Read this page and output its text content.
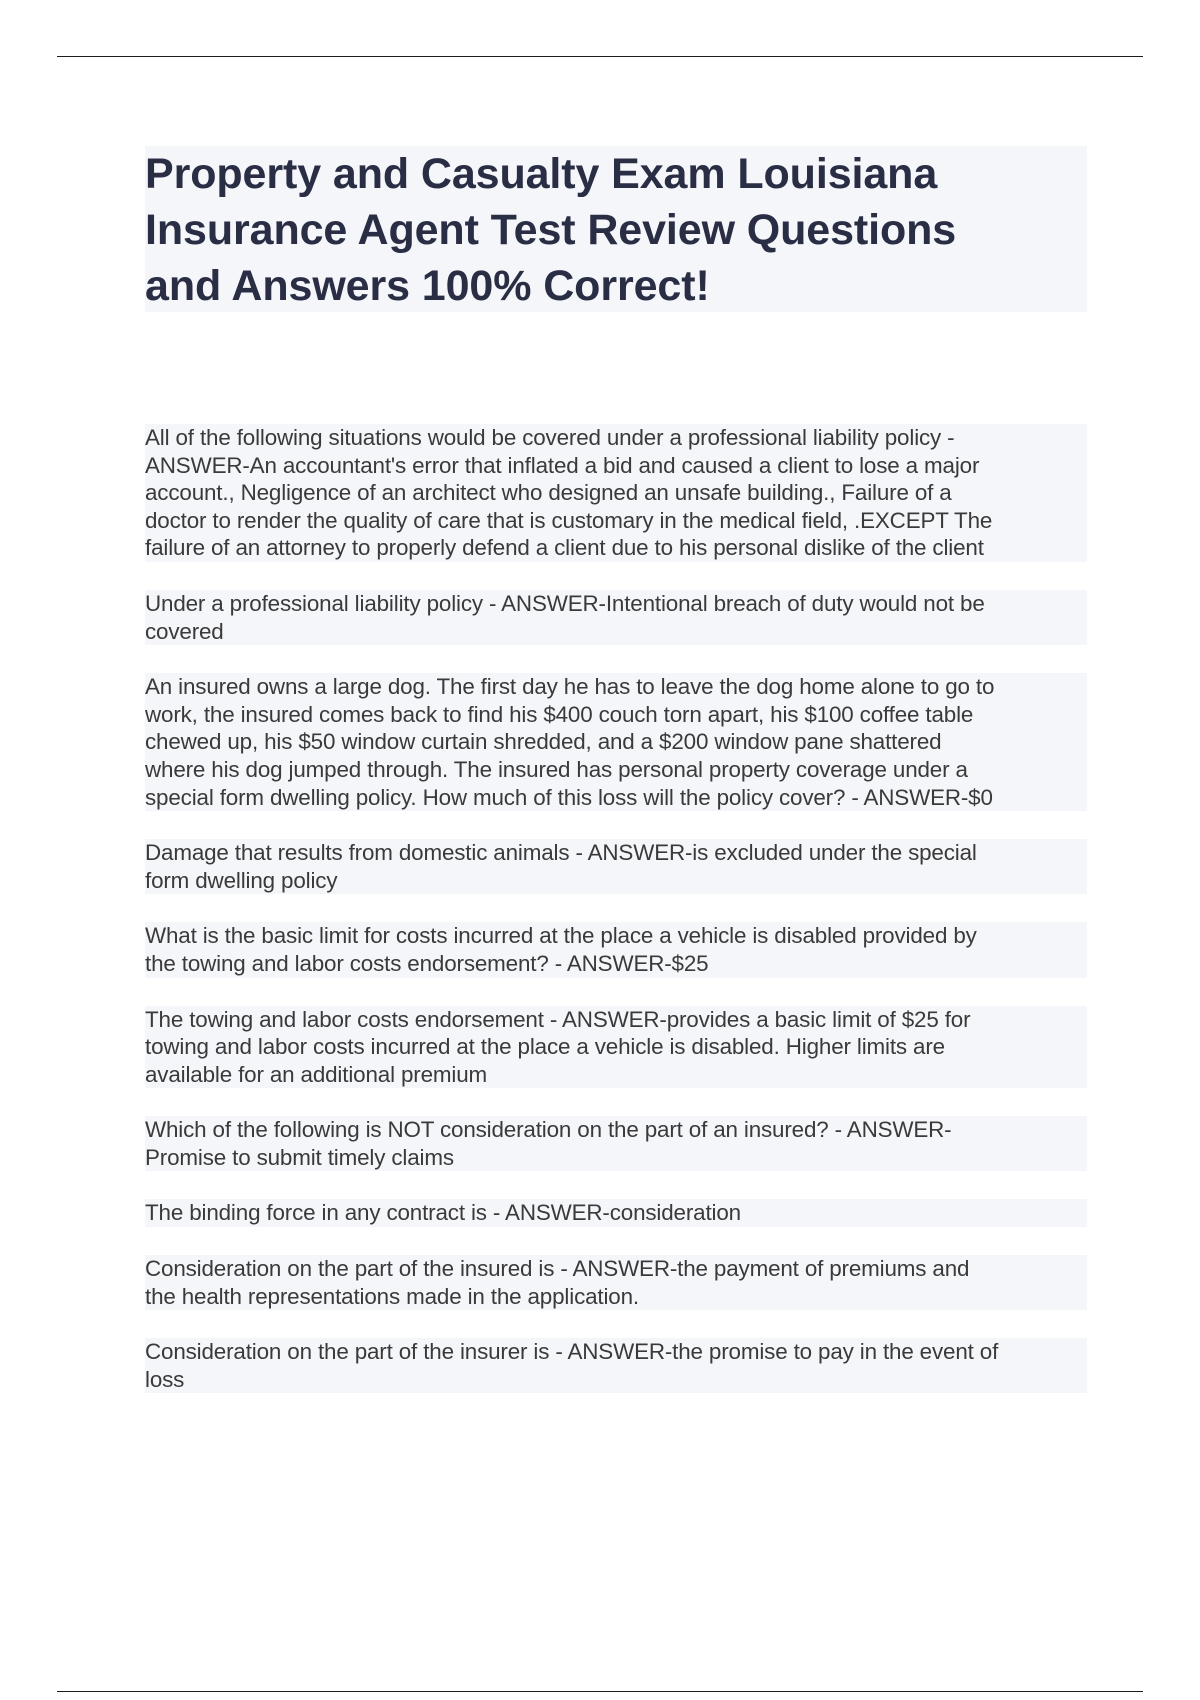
Property and Casualty Exam Louisiana
Insurance Agent Test Review Questions
and Answers 100% Correct!

All of the following situations would be covered under a professional liability policy -
ANSWER-An accountant's error that inflated a bid and caused a client to lose a major
account., Negligence of an architect who designed an unsafe building., Failure of a
doctor to render the quality of care that is customary in the medical field, .EXCEPT The
failure of an attorney to properly defend a client due to his personal dislike of the client

Under a professional liability policy - ANSWER-Intentional breach of duty would not be
covered

An insured owns a large dog. The first day he has to leave the dog home alone to go to
work, the insured comes back to find his $400 couch torn apart, his $100 coffee table
chewed up, his $50 window curtain shredded, and a $200 window pane shattered
where his dog jumped through. The insured has personal property coverage under a
special form dwelling policy. How much of this loss will the policy cover? - ANSWER-$0

Damage that results from domestic animals - ANSWER-is excluded under the special
form dwelling policy

What is the basic limit for costs incurred at the place a vehicle is disabled provided by
the towing and labor costs endorsement? - ANSWER-$25

The towing and labor costs endorsement - ANSWER-provides a basic limit of $25 for
towing and labor costs incurred at the place a vehicle is disabled. Higher limits are
available for an additional premium

Which of the following is NOT consideration on the part of an insured? - ANSWER-
Promise to submit timely claims

The binding force in any contract is - ANSWER-consideration

Consideration on the part of the insured is - ANSWER-the payment of premiums and
the health representations made in the application.

Consideration on the part of the insurer is - ANSWER-the promise to pay in the event of
loss
